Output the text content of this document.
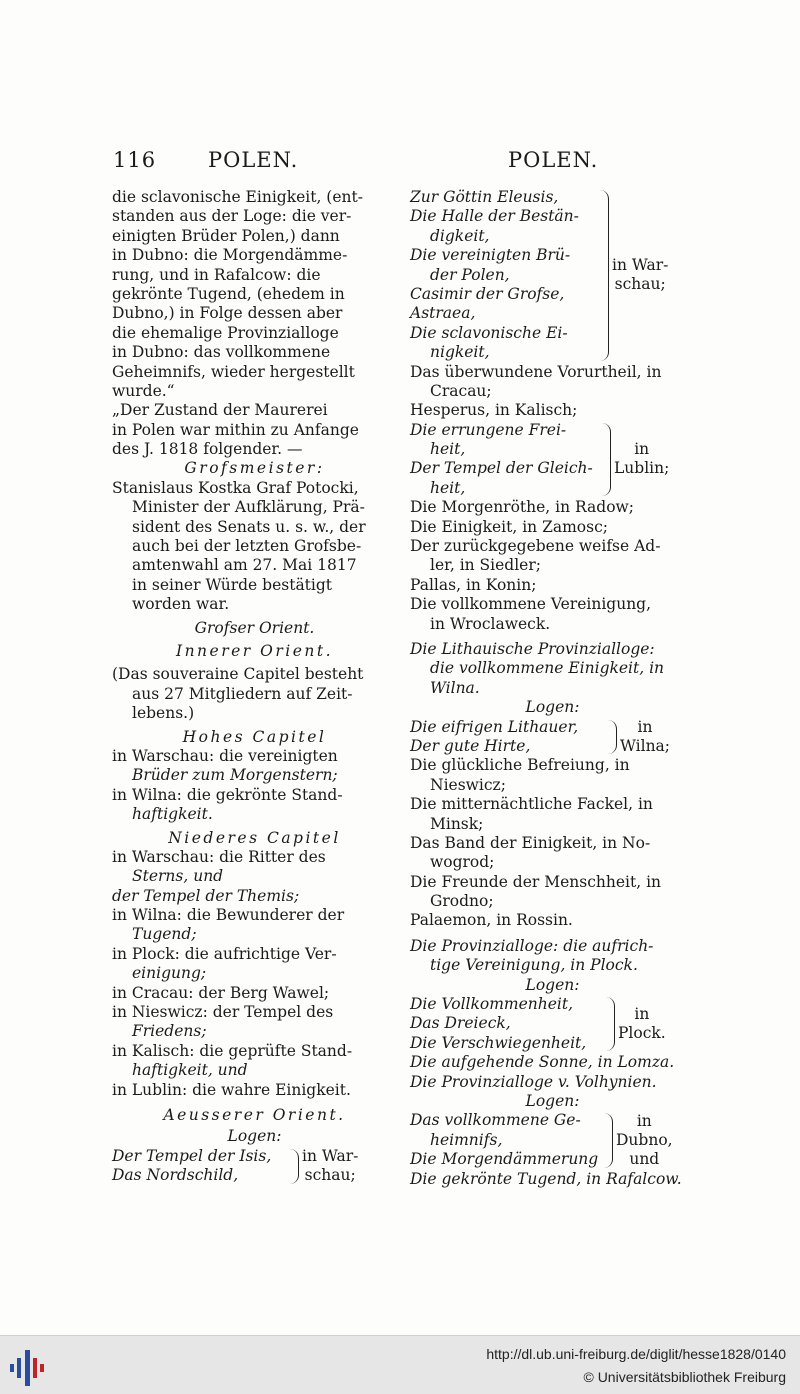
116 POLEN.	POLEN.
die sclavonische Einigkeit, (ent-
standen aus der Loge: die ver-
einigten Brüder Polen,) dann
in Dubno: die Morgendämme-
rung, und in Rafalcow: die
gekrönte Tugend, (ehedem in
Dubno,) in Folge dessen aber
die ehemalige Provinzialloge
in Dubno: das vollkommene
Geheimnifs, wieder hergestellt
wurde.“
„Der Zustand der Maurerei
in Polen war mithin zu Anfange
des J. 1818 folgender. —
Grofsmeister:
Stanislaus Kostka Graf Potocki,
Minister der Aufklärung, Prä-
sident des Senats u. s. w., der
auch bei der letzten Grofsbe-
amtenwahl am 27. Mai 1817
in seiner Würde bestätigt
worden war.
Grofser Orient.
Innerer Orient.
(Das souveraine Capitel besteht
aus 27 Mitgliedern auf Zeit-
lebens.)
Hohes Capitel
in Warschau: die vereinigten
Brüder zum Morgenstern;
in Wilna: die gekrönte Stand-
haftigkeit.
Niederes Capitel
in Warschau: die Ritter des
Sterns, und
der Tempel der Themis;
in Wilna: die Bewunderer der
Tugend;
in Plock: die aufrichtige Ver-
einigung;
in Cracau: der Berg Wawel;
in Nieswicz: der Tempel des
Friedens;
in Kalisch: die geprüfte Stand-
haftigkeit, und
in Lublin: die wahre Einigkeit.
Aeusserer Orient.
Logen:
Der Tempel der Isis,
Das Nordschild,
in War-
schau;
Zur Göttin Eleusis,
Die Halle der Bestän-
digkeit,
Die vereinigten Brü-
der Polen,
Casimir der Grofse,
Astraea,
Die sclavonische Ei-
nigkeit,
in War-
schau;
Das überwundene Vorurtheil, in
Cracau;
Hesperus, in Kalisch;
Die errungene Frei-
heit,
Der Tempel der Gleich-
heit,
in
Lublin;
Die Morgenröthe, in Radow;
Die Einigkeit, in Zamosc;
Der zurückgegebene weifse Ad-
ler, in Siedler;
Pallas, in Konin;
Die vollkommene Vereinigung,
in Wroclaweck.
Die Lithauische Provinzialloge:
die vollkommene Einigkeit, in
Wilna.
Logen:
Die eifrigen Lithauer,
Der gute Hirte,
in
Wilna;
Die glückliche Befreiung, in
Nieswicz;
Die mitternächtliche Fackel, in
Minsk;
Das Band der Einigkeit, in No-
wogrod;
Die Freunde der Menschheit, in
Grodno;
Palaemon, in Rossin.
Die Provinzialloge: die aufrich-
tige Vereinigung, in Plock.
Logen:
Die Vollkommenheit,
Das Dreieck,
Die Verschwiegenheit,
in
Plock.
Die aufgehende Sonne, in Lomza.
Die Provinzialloge v. Volhynien.
Logen:
Das vollkommene Ge-
heimnifs,
Die Morgendämmerung
in
Dubno,
und
Die gekrönte Tugend, in Rafalcow.
http://dl.ub.uni-freiburg.de/diglit/hesse1828/0140
© Universitätsbibliothek Freiburg
